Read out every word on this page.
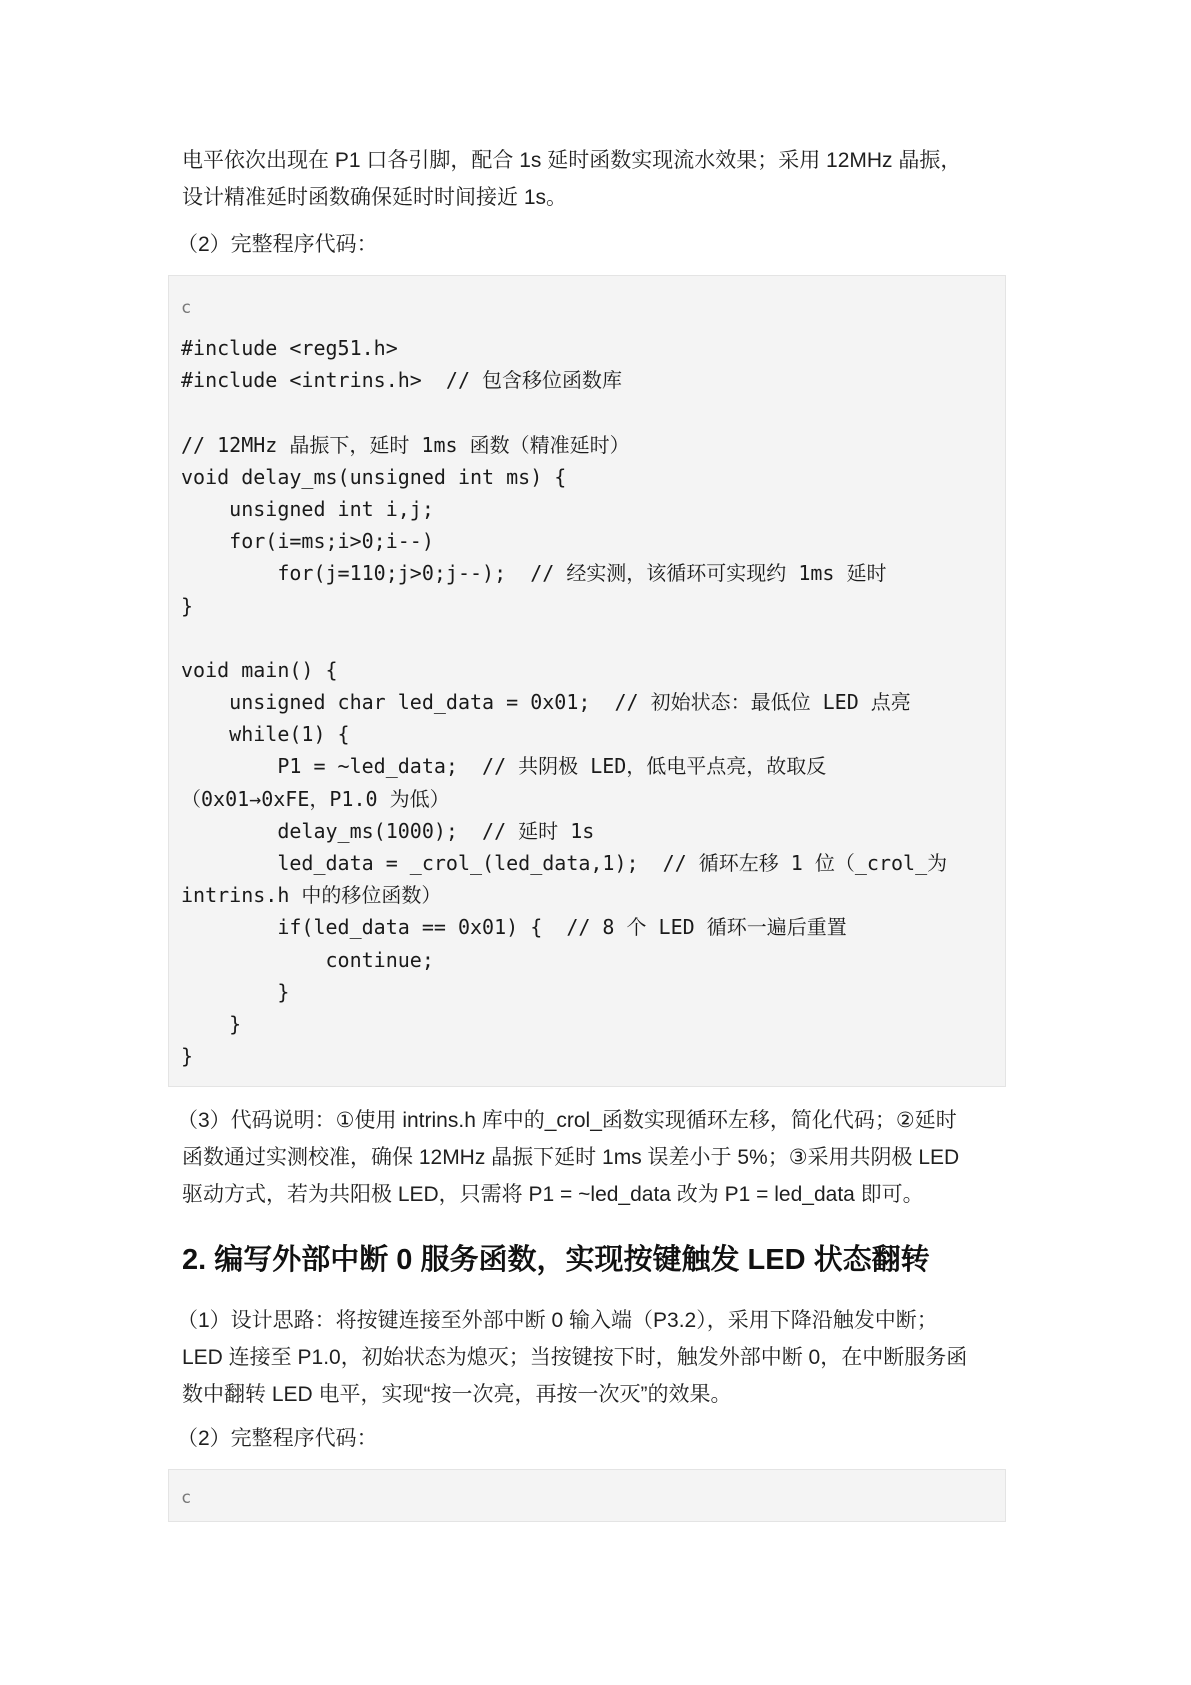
电平依次出现在 P1 口各引脚，配合 1s 延时函数实现流水效果；采用 12MHz 晶振，
设计精准延时函数确保延时时间接近 1s。

（2）完整程序代码：

c
#include <reg51.h>
#include <intrins.h>  // 包含移位函数库
// 12MHz 晶振下，延时 1ms 函数（精准延时）
void delay_ms(unsigned int ms) {
unsigned int i,j;
for(i=ms;i>0;i--)
for(j=110;j>0;j--);  // 经实测，该循环可实现约 1ms 延时
}
void main() {
unsigned char led_data = 0x01;  // 初始状态：最低位 LED 点亮
while(1) {
P1 = ~led_data;  // 共阴极 LED，低电平点亮，故取反
（0x01→0xFE，P1.0 为低）
delay_ms(1000);  // 延时 1s
led_data = _crol_(led_data,1);  // 循环左移 1 位（_crol_为
intrins.h 中的移位函数）
if(led_data == 0x01) {  // 8 个 LED 循环一遍后重置
continue;
}
}
}

（3）代码说明：①使用 intrins.h 库中的_crol_函数实现循环左移，简化代码；②延时
函数通过实测校准，确保 12MHz 晶振下延时 1ms 误差小于 5%；③采用共阴极 LED
驱动方式，若为共阳极 LED，只需将 P1 = ~led_data 改为 P1 = led_data 即可。

2. 编写外部中断 0 服务函数，实现按键触发 LED 状态翻转

（1）设计思路：将按键连接至外部中断 0 输入端（P3.2），采用下降沿触发中断；
LED 连接至 P1.0，初始状态为熄灭；当按键按下时，触发外部中断 0，在中断服务函
数中翻转 LED 电平，实现“按一次亮，再按一次灭”的效果。

（2）完整程序代码：

c
